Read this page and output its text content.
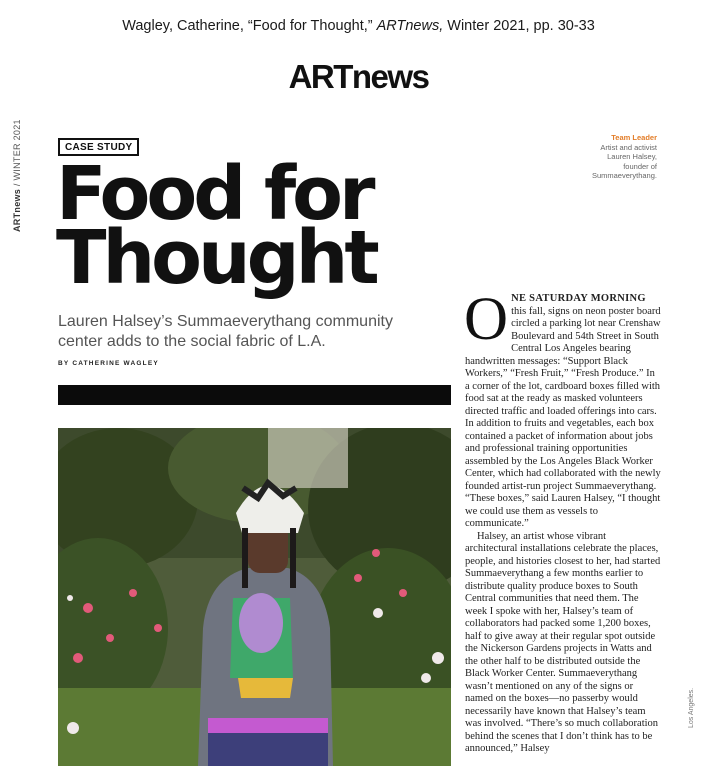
Wagley, Catherine, “Food for Thought,” ARTnews, Winter 2021, pp. 30-33
ARTnews
ARTnews / WINTER 2021	CASE STUDY
Food for
Thought
Lauren Halsey’s Summaeverythang community center adds to the social fabric of L.A.
BY CATHERINE WAGLEY
Team Leader
Artist and activist Lauren Halsey, founder of Summaeverythang.

ONE SATURDAY MORNING this fall, signs on neon poster board circled a parking lot near Crenshaw Boulevard and 54th Street in South Central Los Angeles bearing handwritten messages: “Support Black Workers,” “Fresh Fruit,” “Fresh Produce.” In a corner of the lot, cardboard boxes filled with food sat at the ready as masked volunteers directed traffic and loaded offerings into cars. In addition to fruits and vegetables, each box contained a packet of information about jobs and professional training opportunities assembled by the Los Angeles Black Worker Center, which had collaborated with the newly founded artist-run project Summaeverythang. “These boxes,” said Lauren Halsey, “I thought we could use them as vessels to communicate.”

Halsey, an artist whose vibrant architectural installations celebrate the places, people, and histories closest to her, had started Summaeverythang a few months earlier to distribute quality produce boxes to South Central communities that need them. The week I spoke with her, Halsey’s team of collaborators had packed some 1,200 boxes, half to give away at their regular spot outside the Nickerson Gardens projects in Watts and the other half to be distributed outside the Black Worker Center. Summaeverythang wasn’t mentioned on any of the signs or named on the boxes—no passerby would necessarily have known that Halsey’s team was involved. “There’s so much collaboration behind the scenes that I don’t think has to be announced,” Halsey

Los Angeles.
